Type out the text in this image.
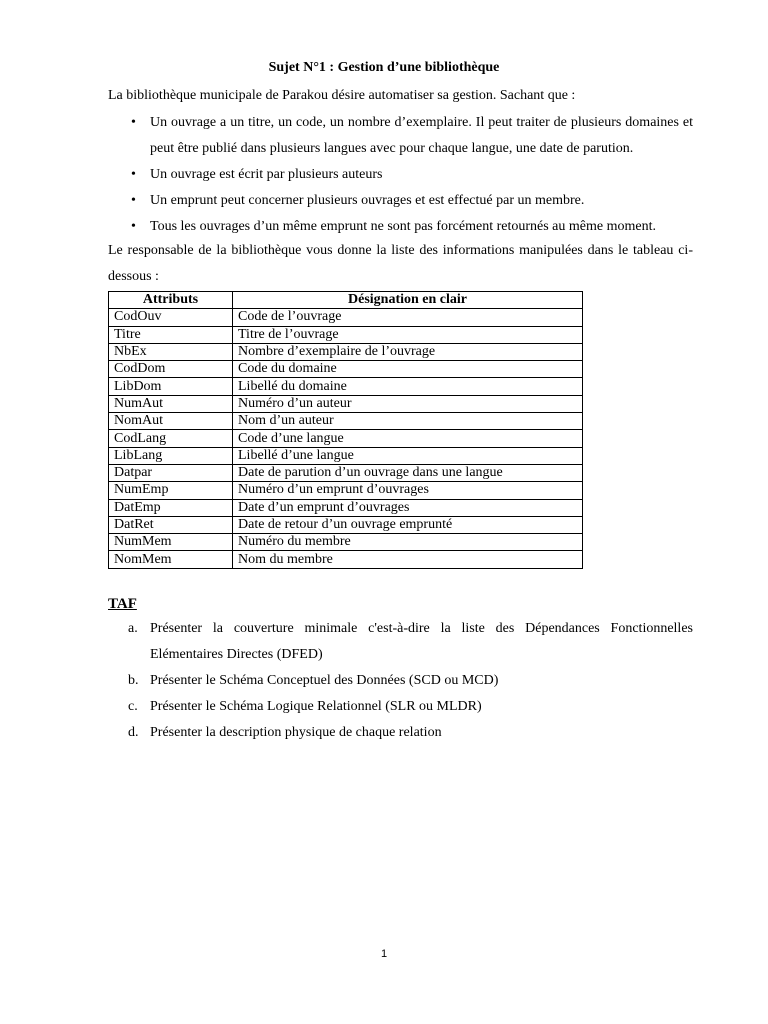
Sujet N°1 : Gestion d’une bibliothèque
La bibliothèque municipale de Parakou désire automatiser sa gestion. Sachant que :
• Un ouvrage a un titre, un code, un nombre d’exemplaire. Il peut traiter de plusieurs domaines et peut être publié dans plusieurs langues avec pour chaque langue, une date de parution.
• Un ouvrage est écrit par plusieurs auteurs
• Un emprunt peut concerner plusieurs ouvrages et est effectué par un membre.
• Tous les ouvrages d’un même emprunt ne sont pas forcément retournés au même moment.
Le responsable de la bibliothèque vous donne la liste des informations manipulées dans le tableau ci-dessous :
Attributs	Désignation en clair
CodOuv	Code de l’ouvrage
Titre	Titre de l’ouvrage
NbEx	Nombre d’exemplaire de l’ouvrage
CodDom	Code du domaine
LibDom	Libellé du domaine
NumAut	Numéro d’un auteur
NomAut	Nom d’un auteur
CodLang	Code d’une langue
LibLang	Libellé d’une langue
Datpar	Date de parution d’un ouvrage dans une langue
NumEmp	Numéro d’un emprunt d’ouvrages
DatEmp	Date d’un emprunt d’ouvrages
DatRet	Date de retour d’un ouvrage emprunté
NumMem	Numéro du membre
NomMem	Nom du membre
TAF
a. Présenter la couverture minimale c'est-à-dire la liste des Dépendances Fonctionnelles Elémentaires Directes (DFED)
b. Présenter le Schéma Conceptuel des Données (SCD ou MCD)
c. Présenter le Schéma Logique Relationnel (SLR ou MLDR)
d. Présenter la description physique de chaque relation
1
